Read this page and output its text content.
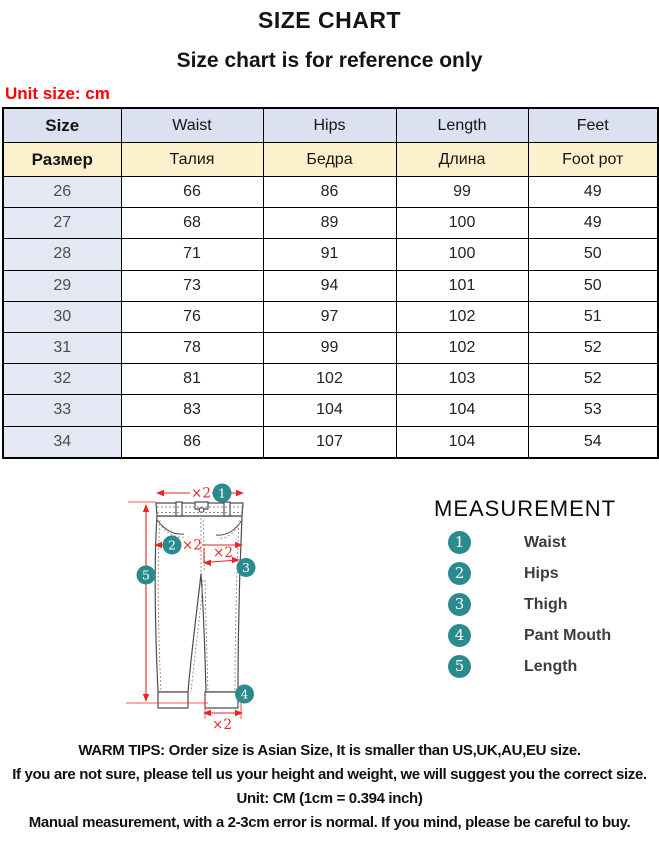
SIZE CHART
Size chart is for reference only
Unit size: cm
Size	Waist	Hips	Length	Feet
Размер	Талия	Бедра	Длина	Foot рот
26	66	86	99	49
27	68	89	100	49
28	71	91	100	50
29	73	94	101	50
30	76	97	102	51
31	78	99	102	52
32	81	102	103	52
33	83	104	104	53
34	86	107	104	54
×2
×2 ×2
×2
1
2
3
4
5
MEASUREMENT
1	Waist
2	Hips
3	Thigh
4	Pant Mouth
5	Length
WARM TIPS: Order size is Asian Size, It is smaller than US,UK,AU,EU size.
If you are not sure, please tell us your height and weight, we will suggest you the correct size.
Unit: CM (1cm = 0.394 inch)
Manual measurement, with a 2-3cm error is normal. If you mind, please be careful to buy.
